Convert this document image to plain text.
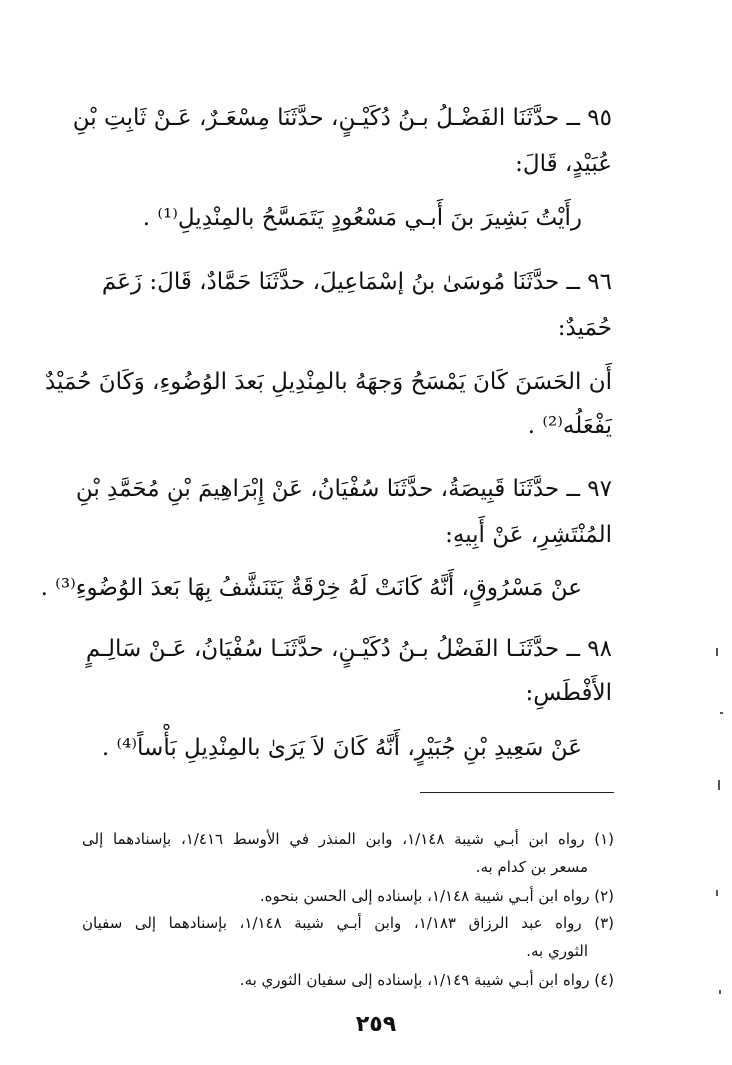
٩٥ ــ حدَّثَنَا الفَضْـلُ بـنُ دُكَيْـنٍ، حدَّثَنَا مِسْعَـرٌ، عَـنْ ثَابِتِ بْنِ
عُبَيْدٍ، قَالَ:
رأَيْتُ بَشِيرَ بنَ أَبـي مَسْعُودٍ يَتَمَسَّحُ بالمِنْدِيلِ⁽¹⁾ .
٩٦ ــ حدَّثَنَا مُوسَىٰ بنُ إسْمَاعِيلَ، حدَّثَنَا حَمَّادٌ، قَالَ: زَعَمَ
حُمَيدٌ:
أَن الحَسَنَ كَانَ يَمْسَحُ وَجهَهُ بالمِنْدِيلِ بَعدَ الوُضُوءِ، وَكَانَ حُمَيْدٌ
يَفْعَلُه⁽²⁾ .
٩٧ ــ حدَّثَنَا قَبِيصَةُ، حدَّثَنَا سُفْيَانُ، عَنْ إِبْرَاهِيمَ بْنِ مُحَمَّدِ بْنِ
المُنْتَشِرِ، عَنْ أَبِيهِ:
عنْ مَسْرُوقٍ، أَنَّهُ كَانَتْ لَهُ خِرْقَةٌ يَتَنَشَّفُ بِهَا بَعدَ الوُضُوءِ⁽³⁾ .
٩٨ ــ حدَّثَنَـا الفَضْلُ بـنُ دُكَيْـنٍ، حدَّثَنَـا سُفْيَانُ، عَـنْ سَالِـمٍ
الأَفْطَسِ:
عَنْ سَعِيدِ بْنِ جُبَيْرٍ، أَنَّهُ كَانَ لاَ يَرَىٰ بالمِنْدِيلِ بَأْساً⁽⁴⁾ .
(١) رواه ابن أبـي شيبة ١/١٤٨، وابن المنذر في الأوسط ١/٤١٦، بإسنادهما إلى
مسعر بن كدام به.
(٢) رواه ابن أبـي شيبة ١/١٤٨، بإسناده إلى الحسن بنحوه.
(٣) رواه عبد الرزاق ١/١٨٣، وابن أبـي شيبة ١/١٤٨، بإسنادهما إلى سفيان
الثوري به.
(٤) رواه ابن أبـي شيبة ١/١٤٩، بإسناده إلى سفيان الثوري به.
٢٥٩
